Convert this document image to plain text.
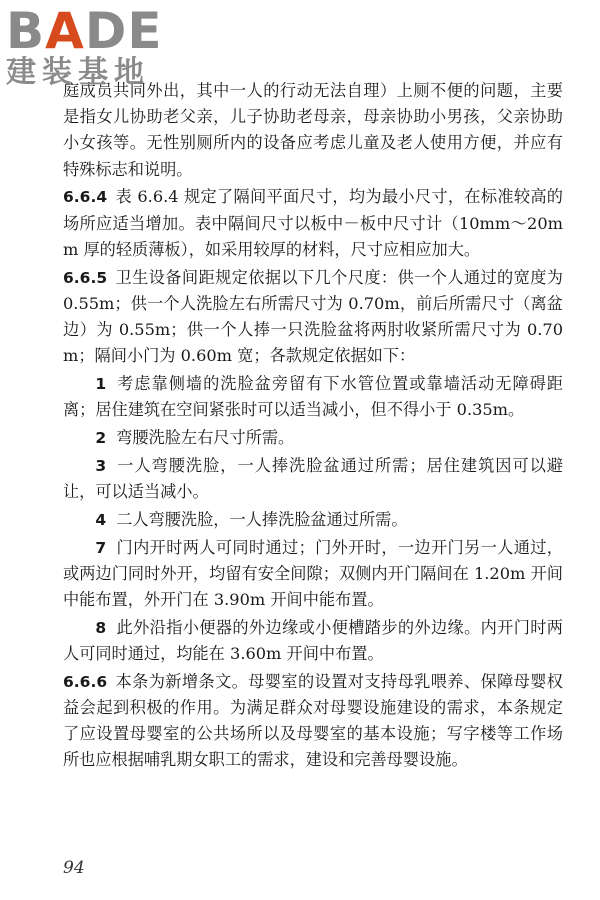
BADE
建装基地

庭成员共同外出，其中一人的行动无法自理）上厕不便的问题，主要是指女儿协助老父亲，儿子协助老母亲，母亲协助小男孩，父亲协助小女孩等。无性别厕所内的设备应考虑儿童及老人使用方便，并应有特殊标志和说明。

6.6.4 表 6.6.4 规定了隔间平面尺寸，均为最小尺寸，在标准较高的场所应适当增加。表中隔间尺寸以板中－板中尺寸计（10mm～20mm 厚的轻质薄板），如采用较厚的材料，尺寸应相应加大。

6.6.5 卫生设备间距规定依据以下几个尺度：供一个人通过的宽度为 0.55m；供一个人洗脸左右所需尺寸为 0.70m，前后所需尺寸（离盆边）为 0.55m；供一个人捧一只洗脸盆将两肘收紧所需尺寸为 0.70m；隔间小门为 0.60m 宽；各款规定依据如下：

1 考虑靠侧墙的洗脸盆旁留有下水管位置或靠墙活动无障碍距离；居住建筑在空间紧张时可以适当减小，但不得小于 0.35m。

2 弯腰洗脸左右尺寸所需。

3 一人弯腰洗脸，一人捧洗脸盆通过所需；居住建筑因可以避让，可以适当减小。

4 二人弯腰洗脸，一人捧洗脸盆通过所需。

7 门内开时两人可同时通过；门外开时，一边开门另一人通过，或两边门同时外开，均留有安全间隙；双侧内开门隔间在 1.20m 开间中能布置，外开门在 3.90m 开间中能布置。

8 此外沿指小便器的外边缘或小便槽踏步的外边缘。内开门时两人可同时通过，均能在 3.60m 开间中布置。

6.6.6 本条为新增条文。母婴室的设置对支持母乳喂养、保障母婴权益会起到积极的作用。为满足群众对母婴设施建设的需求，本条规定了应设置母婴室的公共场所以及母婴室的基本设施；写字楼等工作场所也应根据哺乳期女职工的需求，建设和完善母婴设施。

94
